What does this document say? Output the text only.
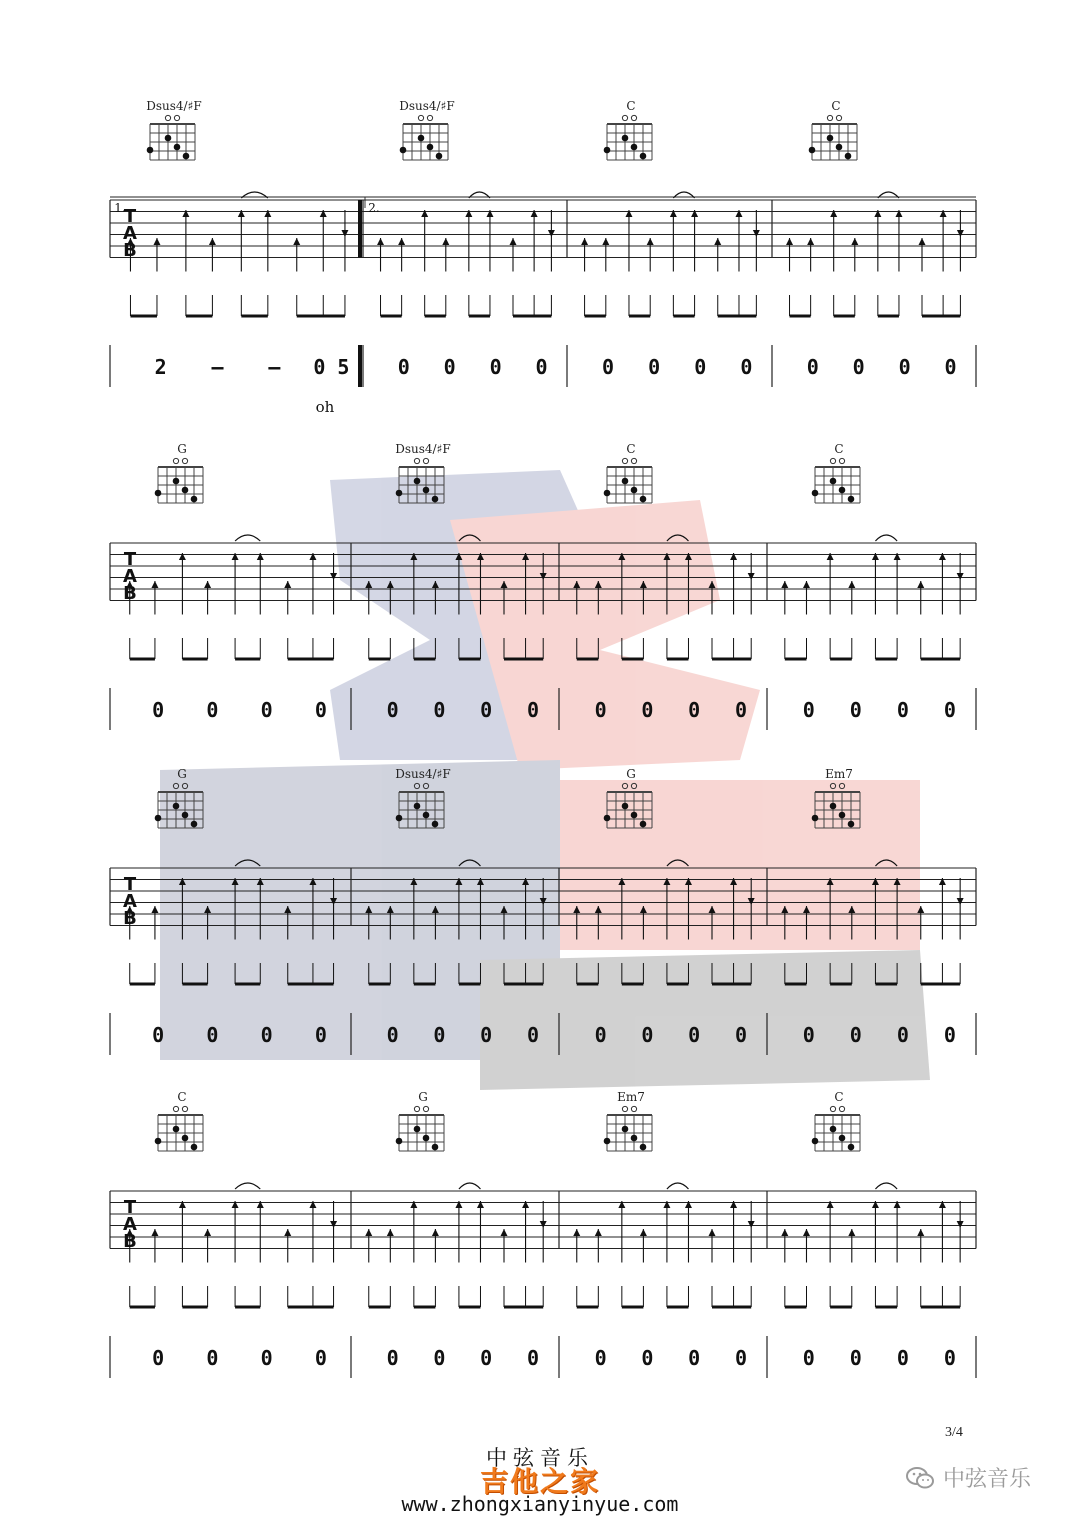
Dsus4/♯F	Dsus4/♯F	C	C
T
A
B
1.	2.
oh
2 – – 0 5 0 0 0 0	0 0 0 0	0 0 0 0
G	Dsus4/♯F	C	C
T
A
B
0 0 0 0	0 0 0 0	0 0 0 0	0 0 0 0
G	Dsus4/♯F	G	Em7
T
A
B
0 0 0 0	0 0 0 0	0 0 0 0	0 0 0 0
C	G	Em7	C
T
A
B
0 0 0 0	0 0 0 0	0 0 0 0	0 0 0 0
3/4
中弦音乐
吉他之家
www.zhongxianyinyue.com
中弦音乐
